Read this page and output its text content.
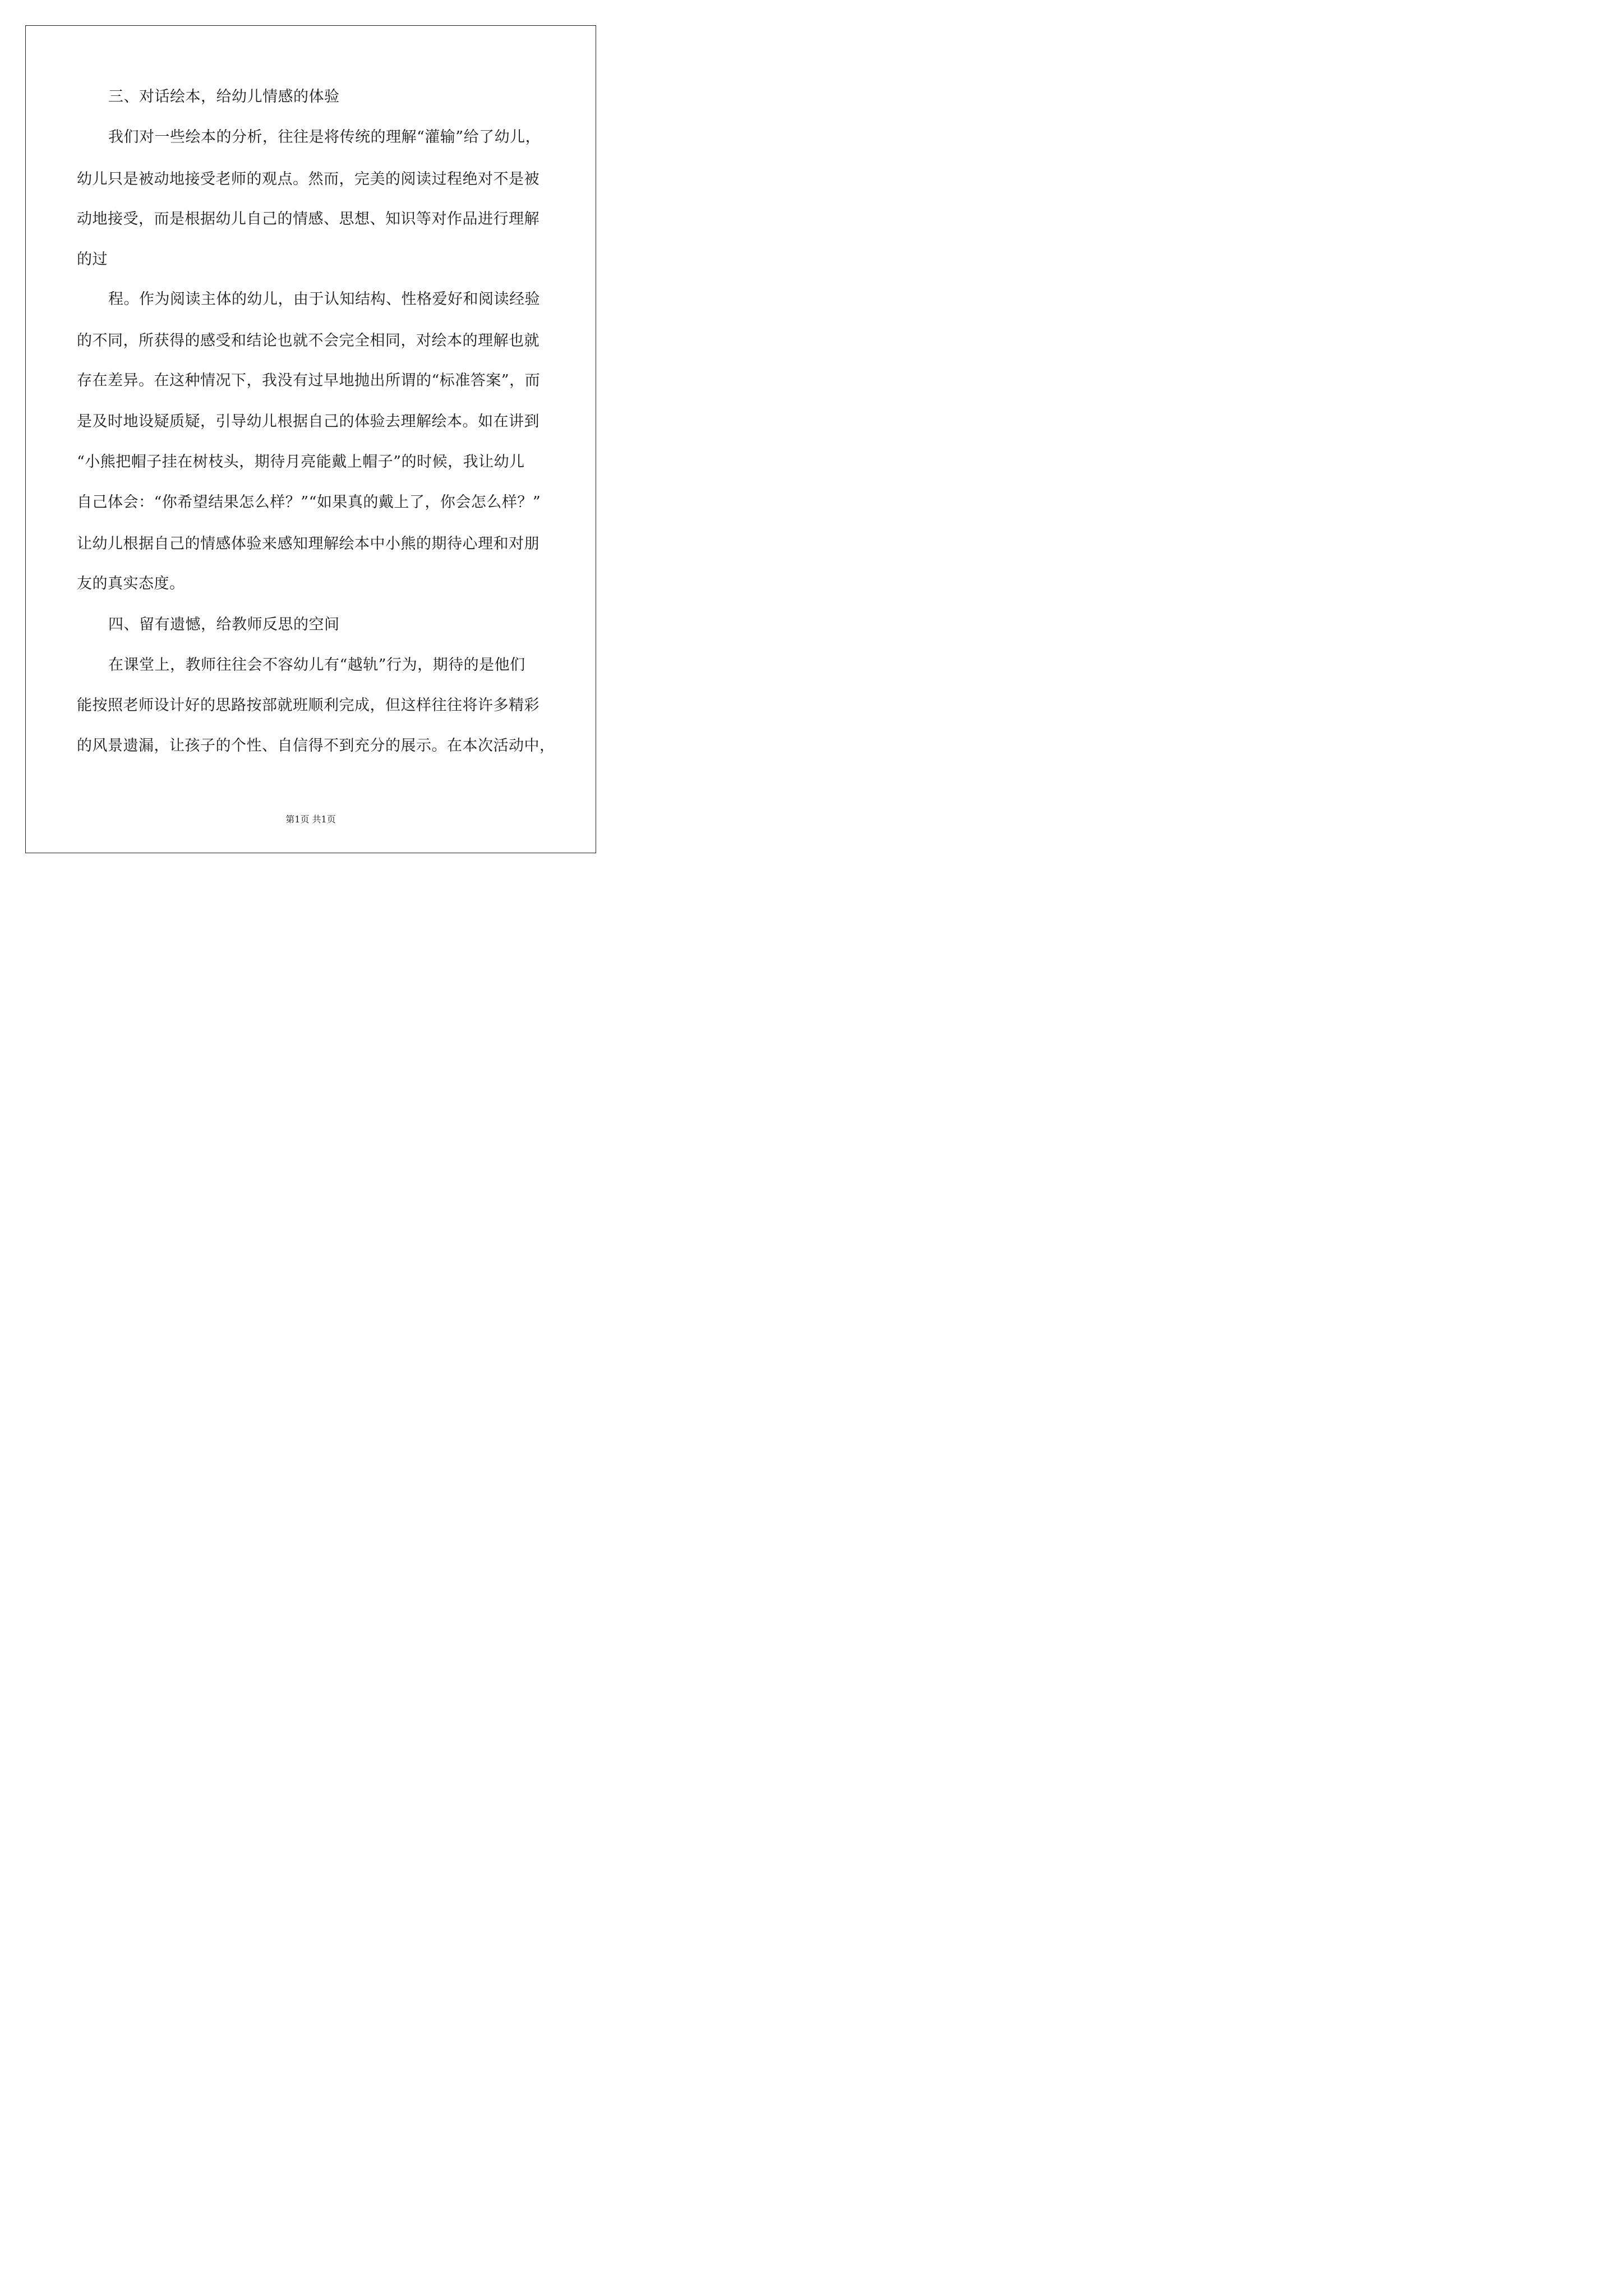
三、对话绘本，给幼儿情感的体验
我们对一些绘本的分析，往往是将传统的理解“灌输”给了幼儿，
幼儿只是被动地接受老师的观点。然而，完美的阅读过程绝对不是被
动地接受，而是根据幼儿自己的情感、思想、知识等对作品进行理解
的过
程。作为阅读主体的幼儿，由于认知结构、性格爱好和阅读经验
的不同，所获得的感受和结论也就不会完全相同，对绘本的理解也就
存在差异。在这种情况下，我没有过早地抛出所谓的“标准答案”，而
是及时地设疑质疑，引导幼儿根据自己的体验去理解绘本。如在讲到
“小熊把帽子挂在树枝头，期待月亮能戴上帽子”的时候，我让幼儿
自己体会：“你希望结果怎么样？”“如果真的戴上了，你会怎么样？”
让幼儿根据自己的情感体验来感知理解绘本中小熊的期待心理和对朋
友的真实态度。
四、留有遗憾，给教师反思的空间
在课堂上，教师往往会不容幼儿有“越轨”行为，期待的是他们
能按照老师设计好的思路按部就班顺利完成，但这样往往将许多精彩
的风景遗漏，让孩子的个性、自信得不到充分的展示。在本次活动中，
第1页 共1页
